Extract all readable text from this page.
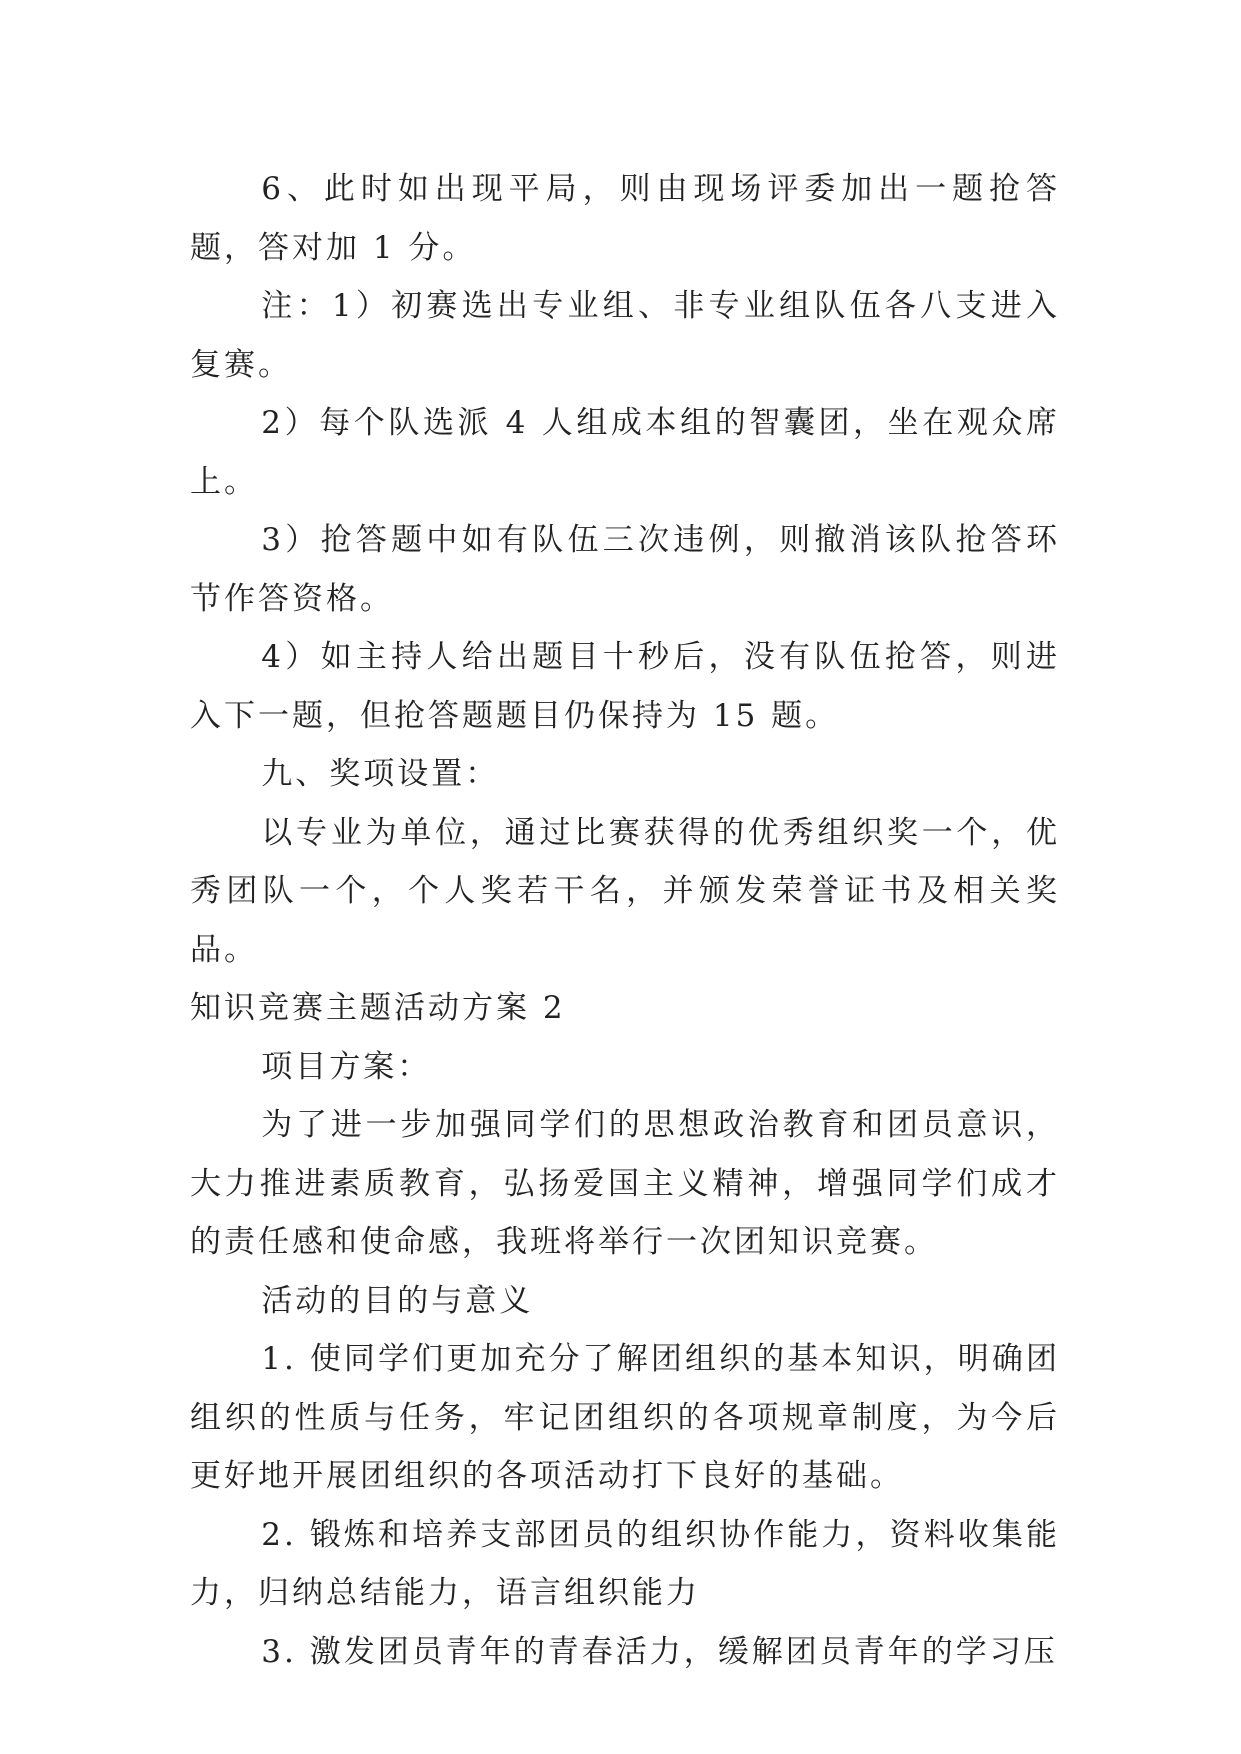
6、此时如出现平局，则由现场评委加出一题抢答题，答对加 1 分。

注：1）初赛选出专业组、非专业组队伍各八支进入复赛。

2）每个队选派 4 人组成本组的智囊团，坐在观众席上。

3）抢答题中如有队伍三次违例，则撤消该队抢答环节作答资格。

4）如主持人给出题目十秒后，没有队伍抢答，则进入下一题，但抢答题题目仍保持为 15 题。

九、奖项设置：

以专业为单位，通过比赛获得的优秀组织奖一个，优秀团队一个，个人奖若干名，并颁发荣誉证书及相关奖品。

知识竞赛主题活动方案 2

项目方案：

为了进一步加强同学们的思想政治教育和团员意识，大力推进素质教育，弘扬爱国主义精神，增强同学们成才的责任感和使命感，我班将举行一次团知识竞赛。

活动的目的与意义

1. 使同学们更加充分了解团组织的基本知识，明确团组织的性质与任务，牢记团组织的各项规章制度，为今后更好地开展团组织的各项活动打下良好的基础。

2. 锻炼和培养支部团员的组织协作能力，资料收集能力，归纳总结能力，语言组织能力

3. 激发团员青年的青春活力，缓解团员青年的学习压
